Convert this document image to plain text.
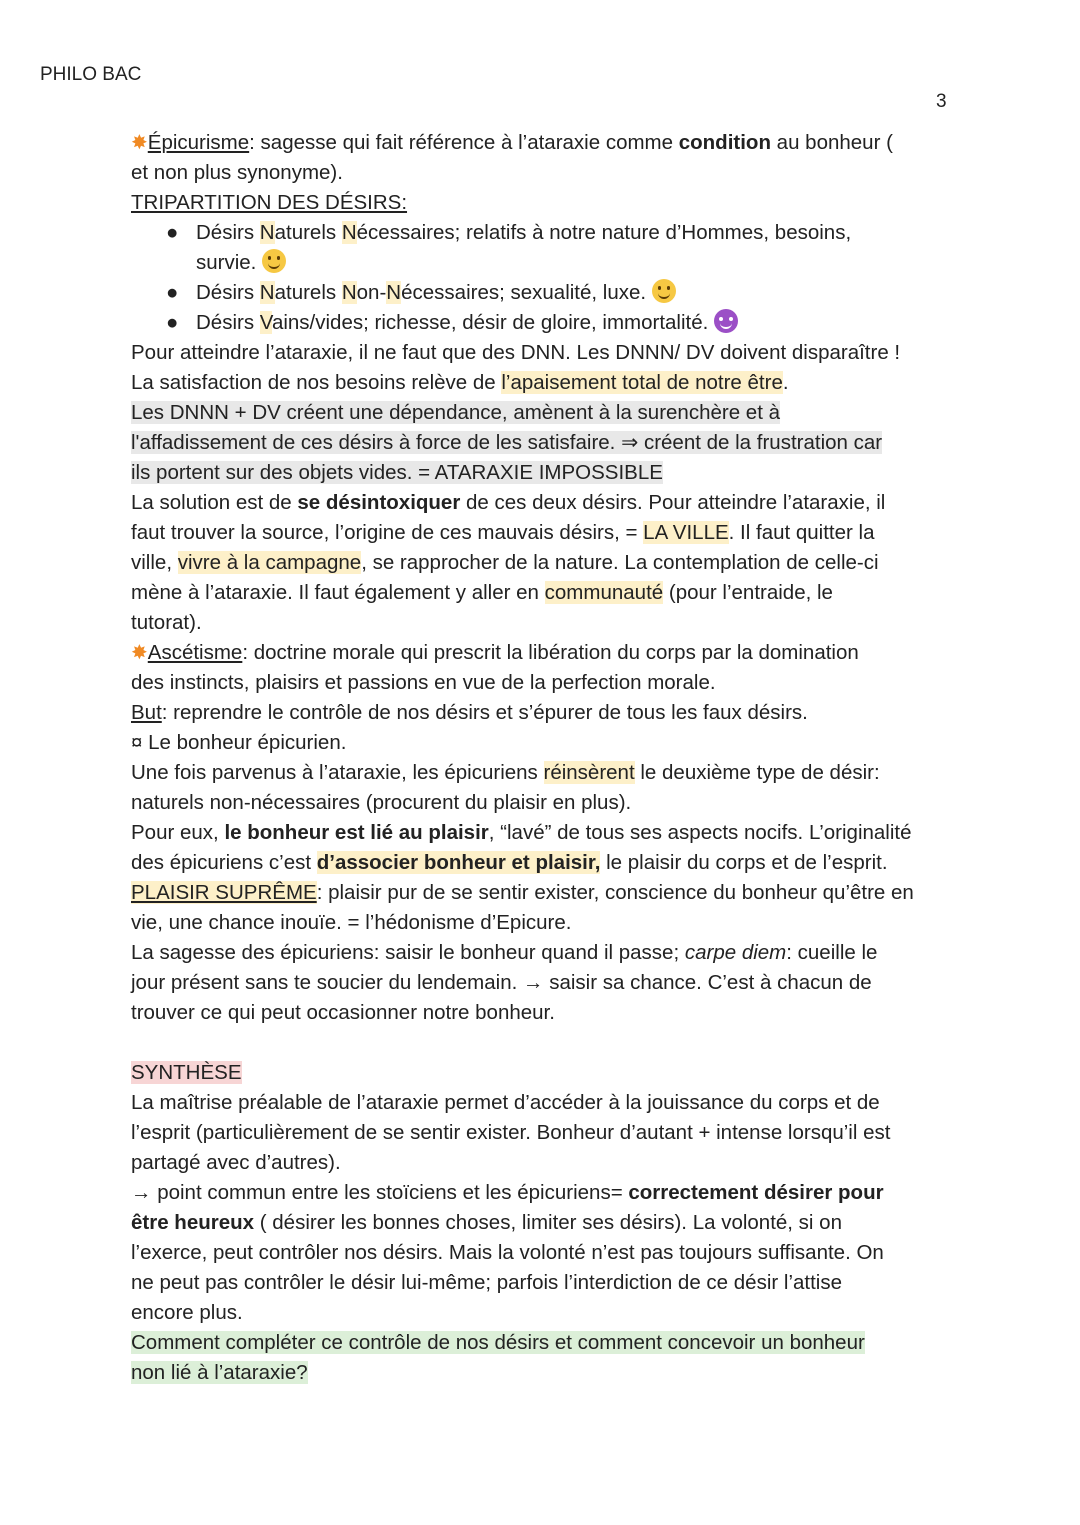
PHILO BAC
3
✸Épicurisme: sagesse qui fait référence à l’ataraxie comme condition au bonheur (
et non plus synonyme).
TRIPARTITION DES DÉSIRS:
● Désirs Naturels Nécessaires; relatifs à notre nature d’Hommes, besoins,
survie.
● Désirs Naturels Non-Nécessaires; sexualité, luxe.
● Désirs Vains/vides; richesse, désir de gloire, immortalité.
Pour atteindre l’ataraxie, il ne faut que des DNN. Les DNNN/ DV doivent disparaître !
La satisfaction de nos besoins relève de l’apaisement total de notre être.
Les DNNN + DV créent une dépendance, amènent à la surenchère et à
l'affadissement de ces désirs à force de les satisfaire. ⇒ créent de la frustration car
ils portent sur des objets vides. = ATARAXIE IMPOSSIBLE
La solution est de se désintoxiquer de ces deux désirs. Pour atteindre l’ataraxie, il
faut trouver la source, l’origine de ces mauvais désirs, = LA VILLE. Il faut quitter la
ville, vivre à la campagne, se rapprocher de la nature. La contemplation de celle-ci
mène à l’ataraxie. Il faut également y aller en communauté (pour l’entraide, le
tutorat).
✸Ascétisme: doctrine morale qui prescrit la libération du corps par la domination
des instincts, plaisirs et passions en vue de la perfection morale.
But: reprendre le contrôle de nos désirs et s’épurer de tous les faux désirs.
¤ Le bonheur épicurien.
Une fois parvenus à l’ataraxie, les épicuriens réinsèrent le deuxième type de désir:
naturels non-nécessaires (procurent du plaisir en plus).
Pour eux, le bonheur est lié au plaisir, “lavé” de tous ses aspects nocifs. L’originalité
des épicuriens c’est d’associer bonheur et plaisir, le plaisir du corps et de l’esprit.
PLAISIR SUPRÊME: plaisir pur de se sentir exister, conscience du bonheur qu’être en
vie, une chance inouïe. = l’hédonisme d’Epicure.
La sagesse des épicuriens: saisir le bonheur quand il passe; carpe diem: cueille le
jour présent sans te soucier du lendemain. → saisir sa chance. C’est à chacun de
trouver ce qui peut occasionner notre bonheur.
SYNTHÈSE
La maîtrise préalable de l’ataraxie permet d’accéder à la jouissance du corps et de
l’esprit (particulièrement de se sentir exister. Bonheur d’autant + intense lorsqu’il est
partagé avec d’autres).
→ point commun entre les stoïciens et les épicuriens= correctement désirer pour
être heureux ( désirer les bonnes choses, limiter ses désirs). La volonté, si on
l’exerce, peut contrôler nos désirs. Mais la volonté n’est pas toujours suffisante. On
ne peut pas contrôler le désir lui-même; parfois l’interdiction de ce désir l’attise
encore plus.
Comment compléter ce contrôle de nos désirs et comment concevoir un bonheur
non lié à l’ataraxie?
